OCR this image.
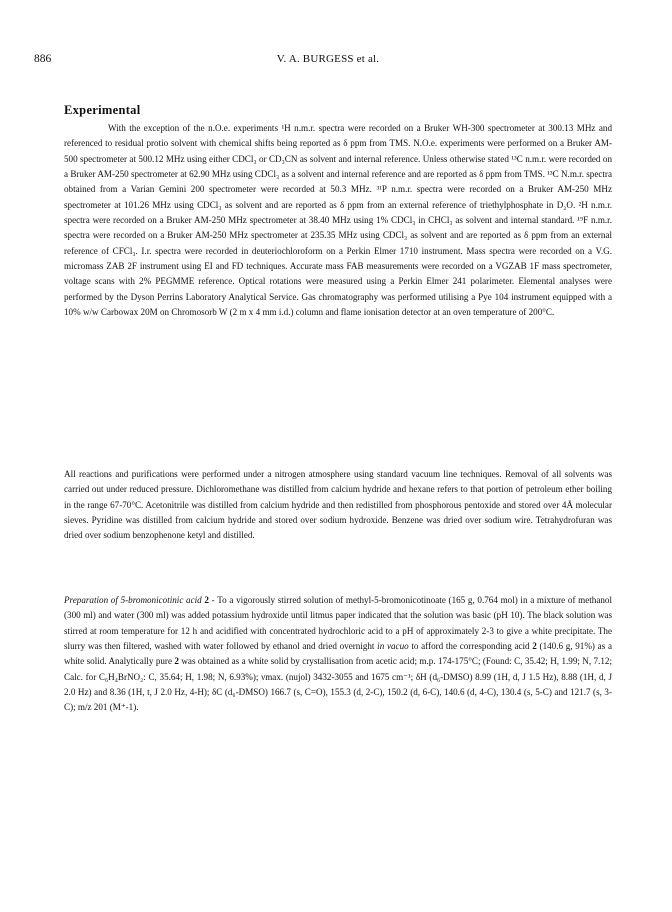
886	V. A. BURGESS et al.
Experimental

With the exception of the n.O.e. experiments ¹H n.m.r. spectra were recorded on a Bruker WH-300 spectrometer at 300.13 MHz and referenced to residual protio solvent with chemical shifts being reported as δ ppm from TMS. N.O.e. experiments were performed on a Bruker AM-500 spectrometer at 500.12 MHz using either CDCl₃ or CD₃CN as solvent and internal reference. Unless otherwise stated ¹³C n.m.r. were recorded on a Bruker AM-250 spectrometer at 62.90 MHz using CDCl₃ as a solvent and internal reference and are reported as δ ppm from TMS. ¹³C N.m.r. spectra obtained from a Varian Gemini 200 spectrometer were recorded at 50.3 MHz. ³¹P n.m.r. spectra were recorded on a Bruker AM-250 MHz spectrometer at 101.26 MHz using CDCl₃ as solvent and are reported as δ ppm from an external reference of triethylphosphate in D₂O. ²H n.m.r. spectra were recorded on a Bruker AM-250 MHz spectrometer at 38.40 MHz using 1% CDCl₃ in CHCl₃ as solvent and internal standard. ¹⁹F n.m.r. spectra were recorded on a Bruker AM-250 MHz spectrometer at 235.35 MHz using CDCl₃ as solvent and are reported as δ ppm from an external reference of CFCl₃. I.r. spectra were recorded in deuteriochloroform on a Perkin Elmer 1710 instrument. Mass spectra were recorded on a V.G. micromass ZAB 2F instrument using EI and FD techniques. Accurate mass FAB measurements were recorded on a VGZAB 1F mass spectrometer, voltage scans with 2% PEGMME reference. Optical rotations were measured using a Perkin Elmer 241 polarimeter. Elemental analyses were performed by the Dyson Perrins Laboratory Analytical Service. Gas chromatography was performed utilising a Pye 104 instrument equipped with a 10% w/w Carbowax 20M on Chromosorb W (2 m x 4 mm i.d.) column and flame ionisation detector at an oven temperature of 200°C.

All reactions and purifications were performed under a nitrogen atmosphere using standard vacuum line techniques. Removal of all solvents was carried out under reduced pressure. Dichloromethane was distilled from calcium hydride and hexane refers to that portion of petroleum ether boiling in the range 67-70°C. Acetonitrile was distilled from calcium hydride and then redistilled from phosphorous pentoxide and stored over 4Å molecular sieves. Pyridine was distilled from calcium hydride and stored over sodium hydroxide. Benzene was dried over sodium wire. Tetrahydrofuran was dried over sodium benzophenone ketyl and distilled.

Preparation of 5-bromonicotinic acid 2 - To a vigorously stirred solution of methyl-5-bromonicotinoate (165 g, 0.764 mol) in a mixture of methanol (300 ml) and water (300 ml) was added potassium hydroxide until litmus paper indicated that the solution was basic (pH 10). The black solution was stirred at room temperature for 12 h and acidified with concentrated hydrochloric acid to a pH of approximately 2-3 to give a white precipitate. The slurry was then filtered, washed with water followed by ethanol and dried overnight in vacuo to afford the corresponding acid 2 (140.6 g, 91%) as a white solid. Analytically pure 2 was obtained as a white solid by crystallisation from acetic acid; m.p. 174-175°C; (Found: C, 35.42; H, 1.99; N, 7.12; Calc. for C₆H₄BrNO₂: C, 35.64; H, 1.98; N, 6.93%); νmax. (nujol) 3432-3055 and 1675 cm⁻¹; δH (d₆-DMSO) 8.99 (1H, d, J 1.5 Hz), 8.88 (1H, d, J 2.0 Hz) and 8.36 (1H, t, J 2.0 Hz, 4-H); δC (d₆-DMSO) 166.7 (s, C=O), 155.3 (d, 2-C), 150.2 (d, 6-C), 140.6 (d, 4-C), 130.4 (s, 5-C) and 121.7 (s, 3-C); m/z 201 (M⁺-1).
